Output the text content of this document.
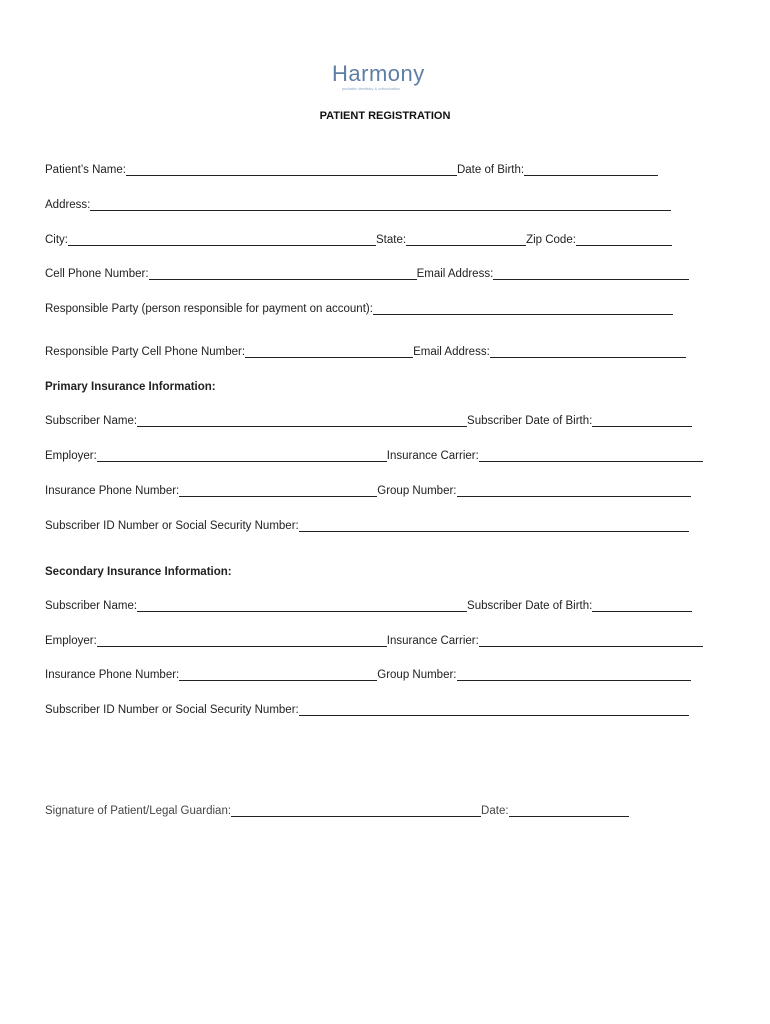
Harmony
pediatric dentistry & orthodontics
PATIENT REGISTRATION
Patient’s Name:	Date of Birth:
Address:
City:	State:	Zip Code:
Cell Phone Number:	Email Address:
Responsible Party (person responsible for payment on account):
Responsible Party Cell Phone Number:	Email Address:
Primary Insurance Information:
Subscriber Name:	Subscriber Date of Birth:
Employer:	Insurance Carrier:
Insurance Phone Number:	Group Number:
Subscriber ID Number or Social Security Number:
Secondary Insurance Information:
Subscriber Name:	Subscriber Date of Birth:
Employer:	Insurance Carrier:
Insurance Phone Number:	Group Number:
Subscriber ID Number or Social Security Number:
Signature of Patient/Legal Guardian:	Date:
